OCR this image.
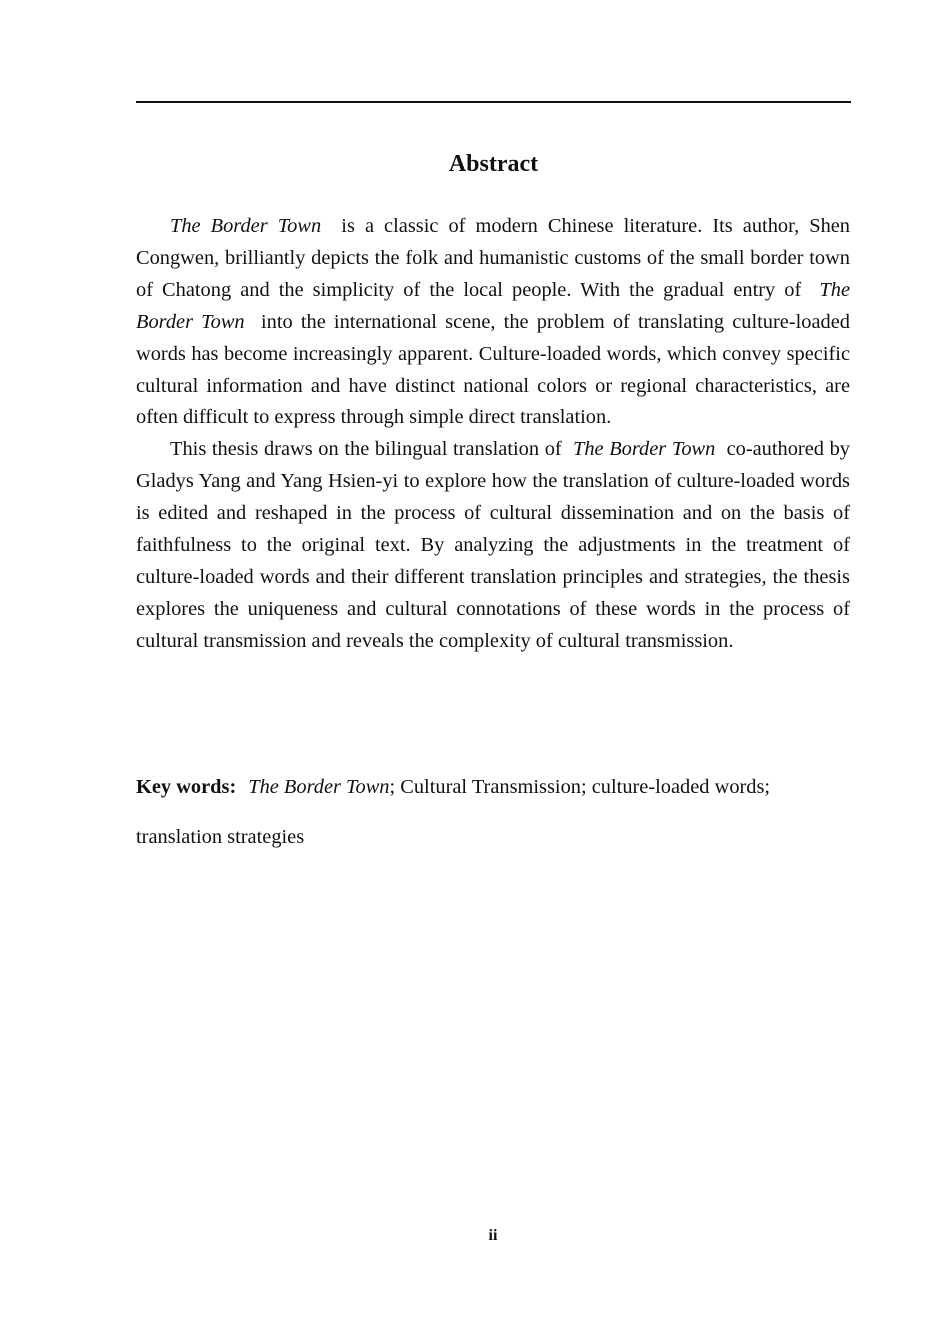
Abstract

The Border Town is a classic of modern Chinese literature. Its author, Shen Congwen, brilliantly depicts the folk and humanistic customs of the small border town of Chatong and the simplicity of the local people. With the gradual entry of The Border Town into the international scene, the problem of translating culture-loaded words has become increasingly apparent. Culture-loaded words, which convey specific cultural information and have distinct national colors or regional characteristics, are often difficult to express through simple direct translation.

This thesis draws on the bilingual translation of The Border Town co-authored by Gladys Yang and Yang Hsien-yi to explore how the translation of culture-loaded words is edited and reshaped in the process of cultural dissemination and on the basis of faithfulness to the original text. By analyzing the adjustments in the treatment of culture-loaded words and their different translation principles and strategies, the thesis explores the uniqueness and cultural connotations of these words in the process of cultural transmission and reveals the complexity of cultural transmission.

Key words: The Border Town; Cultural Transmission; culture-loaded words; translation strategies
ii
